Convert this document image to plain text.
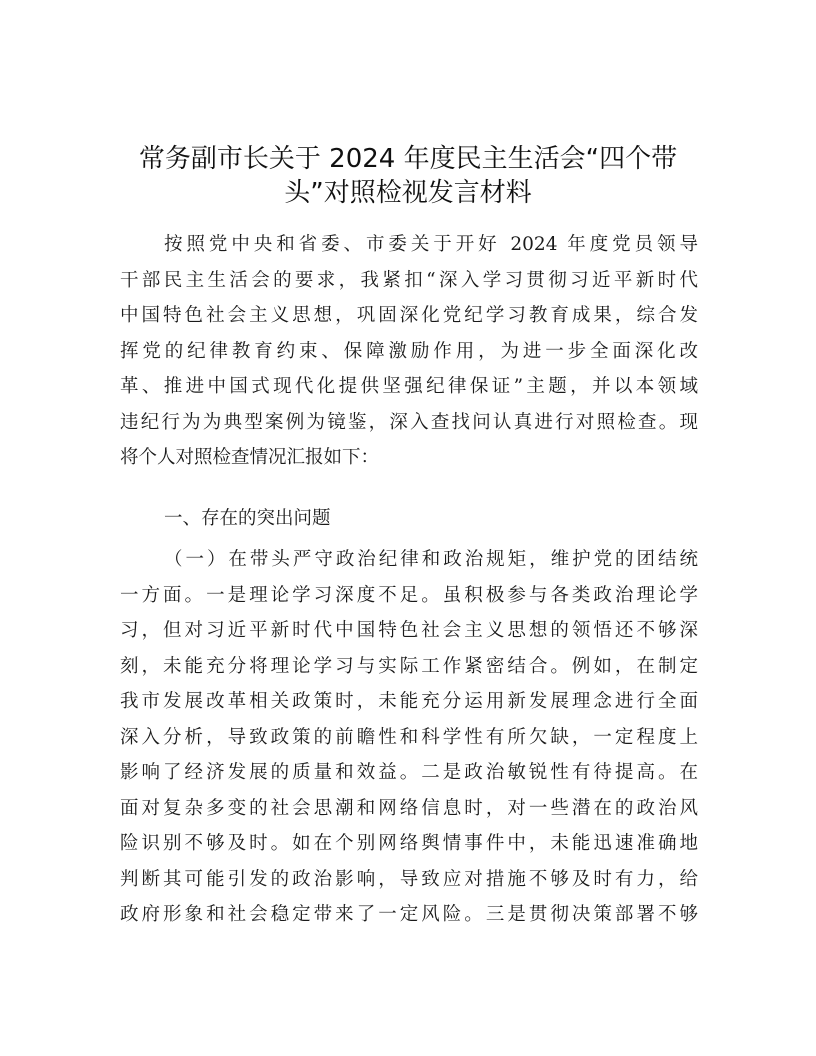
常务副市长关于 2024 年度民主生活会“四个带
头”对照检视发言材料
按照党中央和省委、市委关于开好 2024 年度党员领导
干部民主生活会的要求，我紧扣“深入学习贯彻习近平新时代
中国特色社会主义思想，巩固深化党纪学习教育成果，综合发
挥党的纪律教育约束、保障激励作用，为进一步全面深化改
革、推进中国式现代化提供坚强纪律保证”主题，并以本领域
违纪行为为典型案例为镜鉴，深入查找问认真进行对照检查。现
将个人对照检查情况汇报如下：
一、存在的突出问题
（一）在带头严守政治纪律和政治规矩，维护党的团结统
一方面。一是理论学习深度不足。虽积极参与各类政治理论学
习，但对习近平新时代中国特色社会主义思想的领悟还不够深
刻，未能充分将理论学习与实际工作紧密结合。例如，在制定
我市发展改革相关政策时，未能充分运用新发展理念进行全面
深入分析，导致政策的前瞻性和科学性有所欠缺，一定程度上
影响了经济发展的质量和效益。二是政治敏锐性有待提高。在
面对复杂多变的社会思潮和网络信息时，对一些潜在的政治风
险识别不够及时。如在个别网络舆情事件中，未能迅速准确地
判断其可能引发的政治影响，导致应对措施不够及时有力，给
政府形象和社会稳定带来了一定风险。三是贯彻决策部署不够
